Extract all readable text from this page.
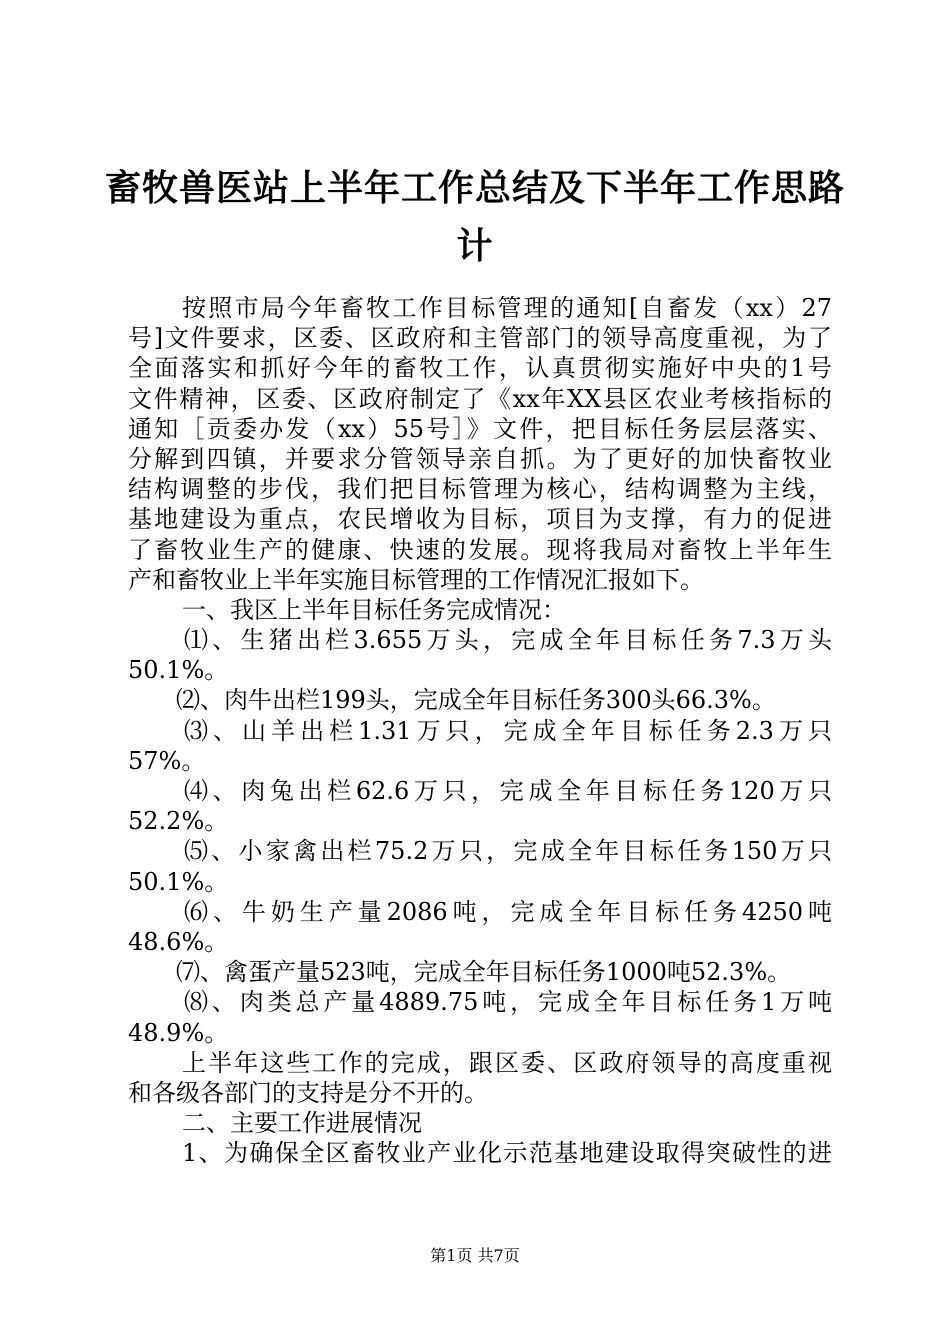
畜牧兽医站上半年工作总结及下半年工作思路
计
按照市局今年畜牧工作目标管理的通知[自畜发（xx）27
号]文件要求，区委、区政府和主管部门的领导高度重视，为了
全面落实和抓好今年的畜牧工作，认真贯彻实施好中央的1号
文件精神，区委、区政府制定了《xx年XX县区农业考核指标的
通知［贡委办发（xx）55号］》文件，把目标任务层层落实、
分解到四镇，并要求分管领导亲自抓。为了更好的加快畜牧业
结构调整的步伐，我们把目标管理为核心，结构调整为主线，
基地建设为重点，农民增收为目标，项目为支撑，有力的促进
了畜牧业生产的健康、快速的发展。现将我局对畜牧上半年生
产和畜牧业上半年实施目标管理的工作情况汇报如下。
一、我区上半年目标任务完成情况：
⑴、生猪出栏3.655万头，完成全年目标任务7.3万头
50.1%。
⑵、肉牛出栏199头，完成全年目标任务300头66.3%。
⑶、山羊出栏1.31万只，完成全年目标任务2.3万只
57%。
⑷、肉兔出栏62.6万只，完成全年目标任务120万只
52.2%。
⑸、小家禽出栏75.2万只，完成全年目标任务150万只
50.1%。
⑹、牛奶生产量2086吨，完成全年目标任务4250吨
48.6%。
⑺、禽蛋产量523吨，完成全年目标任务1000吨52.3%。
⑻、肉类总产量4889.75吨，完成全年目标任务1万吨
48.9%。
上半年这些工作的完成，跟区委、区政府领导的高度重视
和各级各部门的支持是分不开的。
二、主要工作进展情况
1、为确保全区畜牧业产业化示范基地建设取得突破性的进
第1页 共7页
